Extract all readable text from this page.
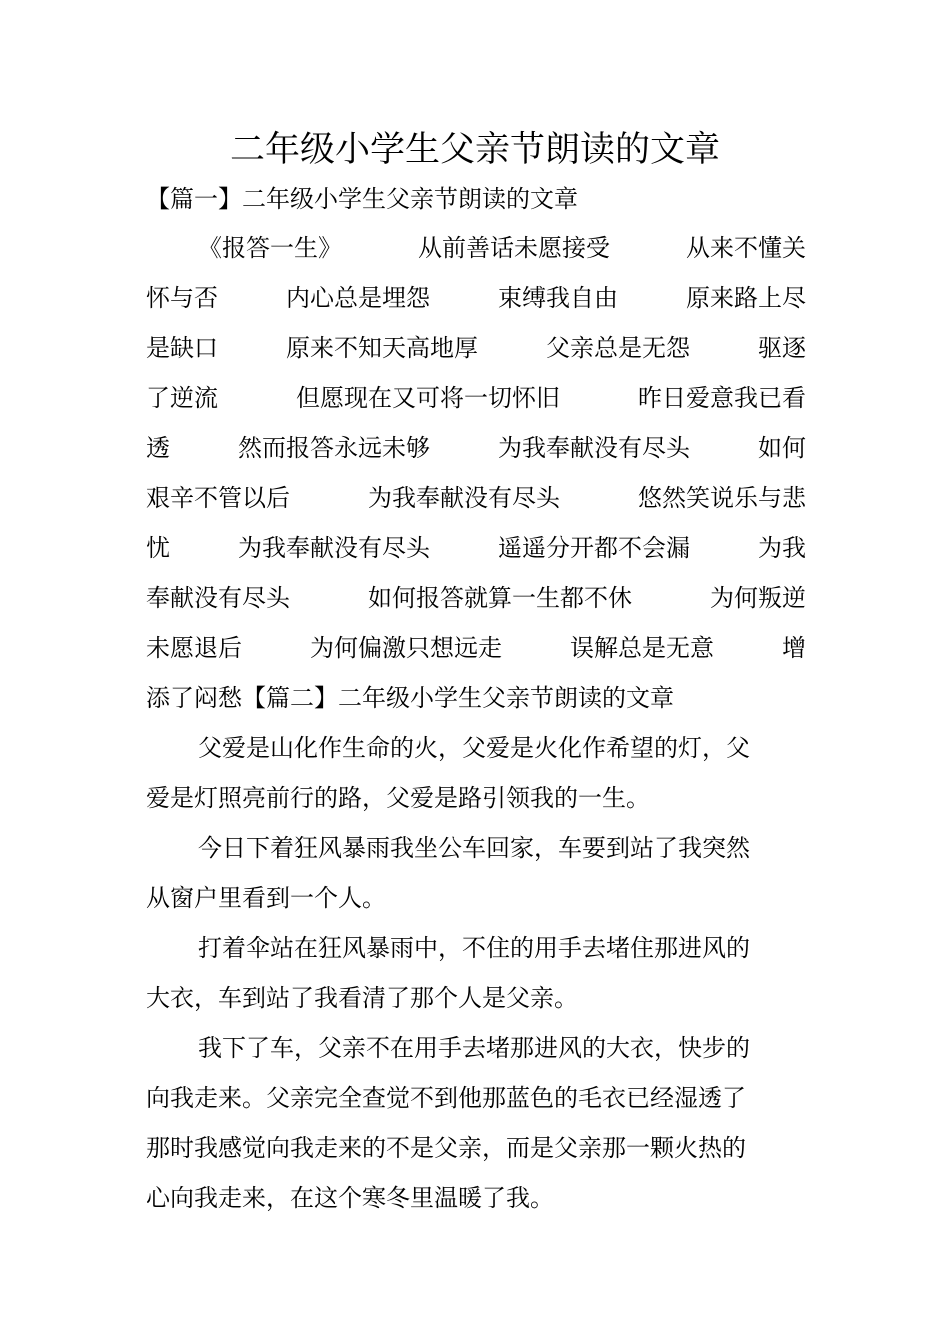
二年级小学生父亲节朗读的文章
【篇一】二年级小学生父亲节朗读的文章
《报答一生》	从前善话未愿接受	从来不懂关
怀与否	内心总是埋怨	束缚我自由	原来路上尽
是缺口	原来不知天高地厚	父亲总是无怨	驱逐
了逆流	但愿现在又可将一切怀旧	昨日爱意我已看
透	然而报答永远未够	为我奉献没有尽头	如何
艰辛不管以后	为我奉献没有尽头	悠然笑说乐与悲
忧	为我奉献没有尽头	遥遥分开都不会漏	为我
奉献没有尽头	如何报答就算一生都不休	为何叛逆
未愿退后	为何偏激只想远走	误解总是无意	增
添了闷愁【篇二】二年级小学生父亲节朗读的文章
父爱是山化作生命的火，父爱是火化作希望的灯，父
爱是灯照亮前行的路，父爱是路引领我的一生。
今日下着狂风暴雨我坐公车回家，车要到站了我突然
从窗户里看到一个人。
打着伞站在狂风暴雨中，不住的用手去堵住那进风的
大衣，车到站了我看清了那个人是父亲。
我下了车，父亲不在用手去堵那进风的大衣，快步的
向我走来。父亲完全查觉不到他那蓝色的毛衣已经湿透了
那时我感觉向我走来的不是父亲，而是父亲那一颗火热的
心向我走来，在这个寒冬里温暖了我。
